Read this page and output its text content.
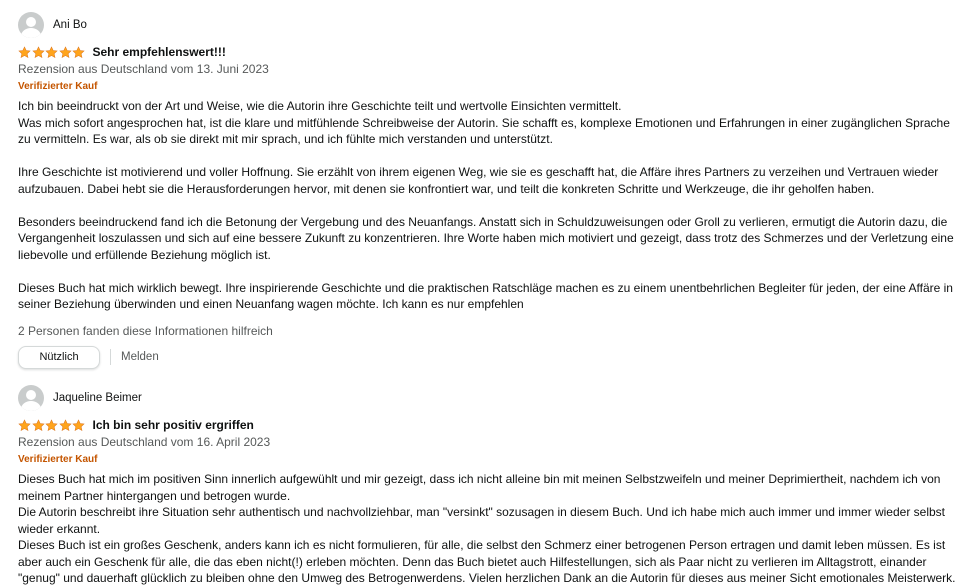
Ani Bo
Sehr empfehlenswert!!!
Rezension aus Deutschland vom 13. Juni 2023
Verifizierter Kauf
Ich bin beeindruckt von der Art und Weise, wie die Autorin ihre Geschichte teilt und wertvolle Einsichten vermittelt.
Was mich sofort angesprochen hat, ist die klare und mitfühlende Schreibweise der Autorin. Sie schafft es, komplexe Emotionen und Erfahrungen in einer zugänglichen Sprache zu vermitteln. Es war, als ob sie direkt mit mir sprach, und ich fühlte mich verstanden und unterstützt.

Ihre Geschichte ist motivierend und voller Hoffnung. Sie erzählt von ihrem eigenen Weg, wie sie es geschafft hat, die Affäre ihres Partners zu verzeihen und Vertrauen wieder aufzubauen. Dabei hebt sie die Herausforderungen hervor, mit denen sie konfrontiert war, und teilt die konkreten Schritte und Werkzeuge, die ihr geholfen haben.

Besonders beeindruckend fand ich die Betonung der Vergebung und des Neuanfangs. Anstatt sich in Schuldzuweisungen oder Groll zu verlieren, ermutigt die Autorin dazu, die Vergangenheit loszulassen und sich auf eine bessere Zukunft zu konzentrieren. Ihre Worte haben mich motiviert und gezeigt, dass trotz des Schmerzes und der Verletzung eine liebevolle und erfüllende Beziehung möglich ist.

Dieses Buch hat mich wirklich bewegt. Ihre inspirierende Geschichte und die praktischen Ratschläge machen es zu einem unentbehrlichen Begleiter für jeden, der eine Affäre in seiner Beziehung überwinden und einen Neuanfang wagen möchte. Ich kann es nur empfehlen
2 Personen fanden diese Informationen hilfreich
Nützlich	Melden
Jaqueline Beimer
Ich bin sehr positiv ergriffen
Rezension aus Deutschland vom 16. April 2023
Verifizierter Kauf
Dieses Buch hat mich im positiven Sinn innerlich aufgewühlt und mir gezeigt, dass ich nicht alleine bin mit meinen Selbstzweifeln und meiner Deprimiertheit, nachdem ich von meinem Partner hintergangen und betrogen wurde.
Die Autorin beschreibt ihre Situation sehr authentisch und nachvollziehbar, man "versinkt" sozusagen in diesem Buch. Und ich habe mich auch immer und immer wieder selbst wieder erkannt.
Dieses Buch ist ein großes Geschenk, anders kann ich es nicht formulieren, für alle, die selbst den Schmerz einer betrogenen Person ertragen und damit leben müssen. Es ist aber auch ein Geschenk für alle, die das eben nicht(!) erleben möchten. Denn das Buch bietet auch Hilfestellungen, sich als Paar nicht zu verlieren im Alltagstrott, einander "genug" und dauerhaft glücklich zu bleiben ohne den Umweg des Betrogenwerdens. Vielen herzlichen Dank an die Autorin für dieses aus meiner Sicht emotionales Meisterwerk.
